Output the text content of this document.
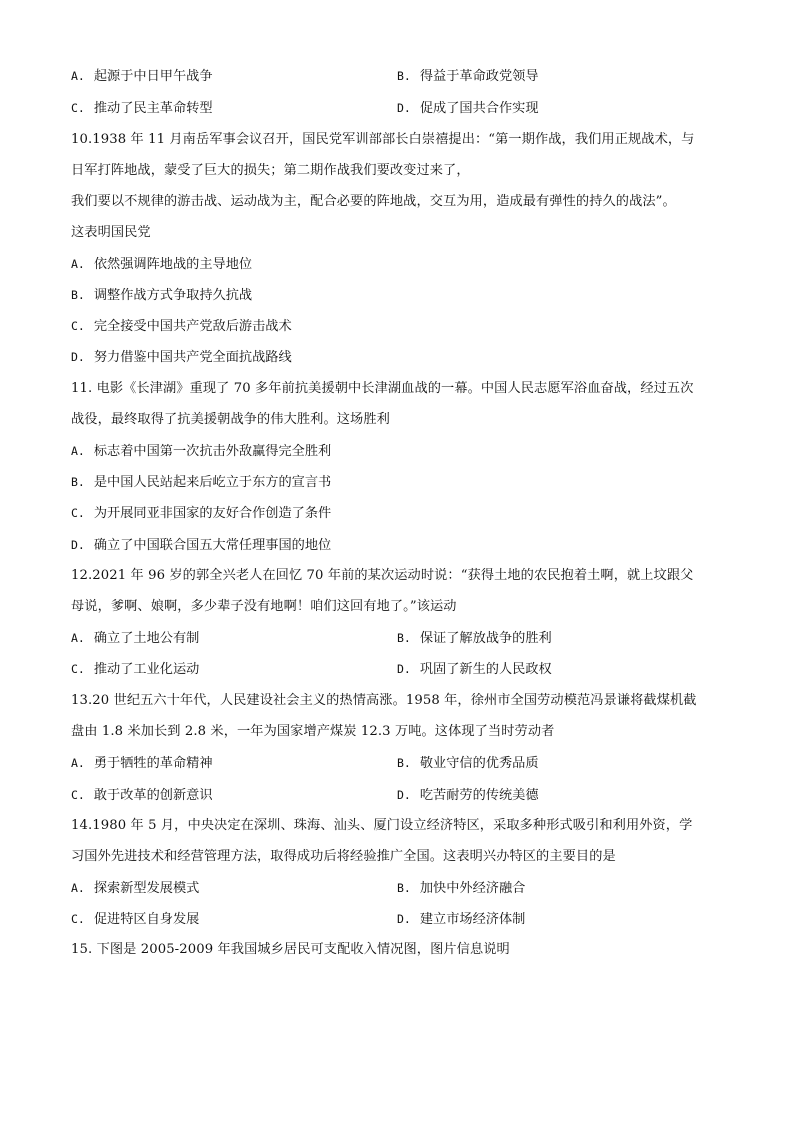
A. 起源于中日甲午战争	B. 得益于革命政党领导
C. 推动了民主革命转型	D. 促成了国共合作实现
10.1938 年 11 月南岳军事会议召开，国民党军训部部长白崇禧提出：“第一期作战，我们用正规战术，与
日军打阵地战，蒙受了巨大的损失；第二期作战我们要改变过来了，
我们要以不规律的游击战、运动战为主，配合必要的阵地战，交互为用，造成最有弹性的持久的战法”。
这表明国民党
A. 依然强调阵地战的主导地位
B. 调整作战方式争取持久抗战
C. 完全接受中国共产党敌后游击战术
D. 努力借鉴中国共产党全面抗战路线
11. 电影《长津湖》重现了 70 多年前抗美援朝中长津湖血战的一幕。中国人民志愿军浴血奋战，经过五次
战役，最终取得了抗美援朝战争的伟大胜利。这场胜利
A. 标志着中国第一次抗击外敌赢得完全胜利
B. 是中国人民站起来后屹立于东方的宣言书
C. 为开展同亚非国家的友好合作创造了条件
D. 确立了中国联合国五大常任理事国的地位
12.2021 年 96 岁的郭全兴老人在回忆 70 年前的某次运动时说：“获得土地的农民抱着土啊，就上坟跟父
母说，爹啊、娘啊，多少辈子没有地啊！咱们这回有地了。”该运动
A. 确立了土地公有制	B. 保证了解放战争的胜利
C. 推动了工业化运动	D. 巩固了新生的人民政权
13.20 世纪五六十年代，人民建设社会主义的热情高涨。1958 年，徐州市全国劳动模范冯景谦将截煤机截
盘由 1.8 米加长到 2.8 米，一年为国家增产煤炭 12.3 万吨。这体现了当时劳动者
A. 勇于牺牲的革命精神	B. 敬业守信的优秀品质
C. 敢于改革的创新意识	D. 吃苦耐劳的传统美德
14.1980 年 5 月，中央决定在深圳、珠海、汕头、厦门设立经济特区，采取多种形式吸引和利用外资，学
习国外先进技术和经营管理方法，取得成功后将经验推广全国。这表明兴办特区的主要目的是
A. 探索新型发展模式	B. 加快中外经济融合
C. 促进特区自身发展	D. 建立市场经济体制
15. 下图是 2005-2009 年我国城乡居民可支配收入情况图，图片信息说明
